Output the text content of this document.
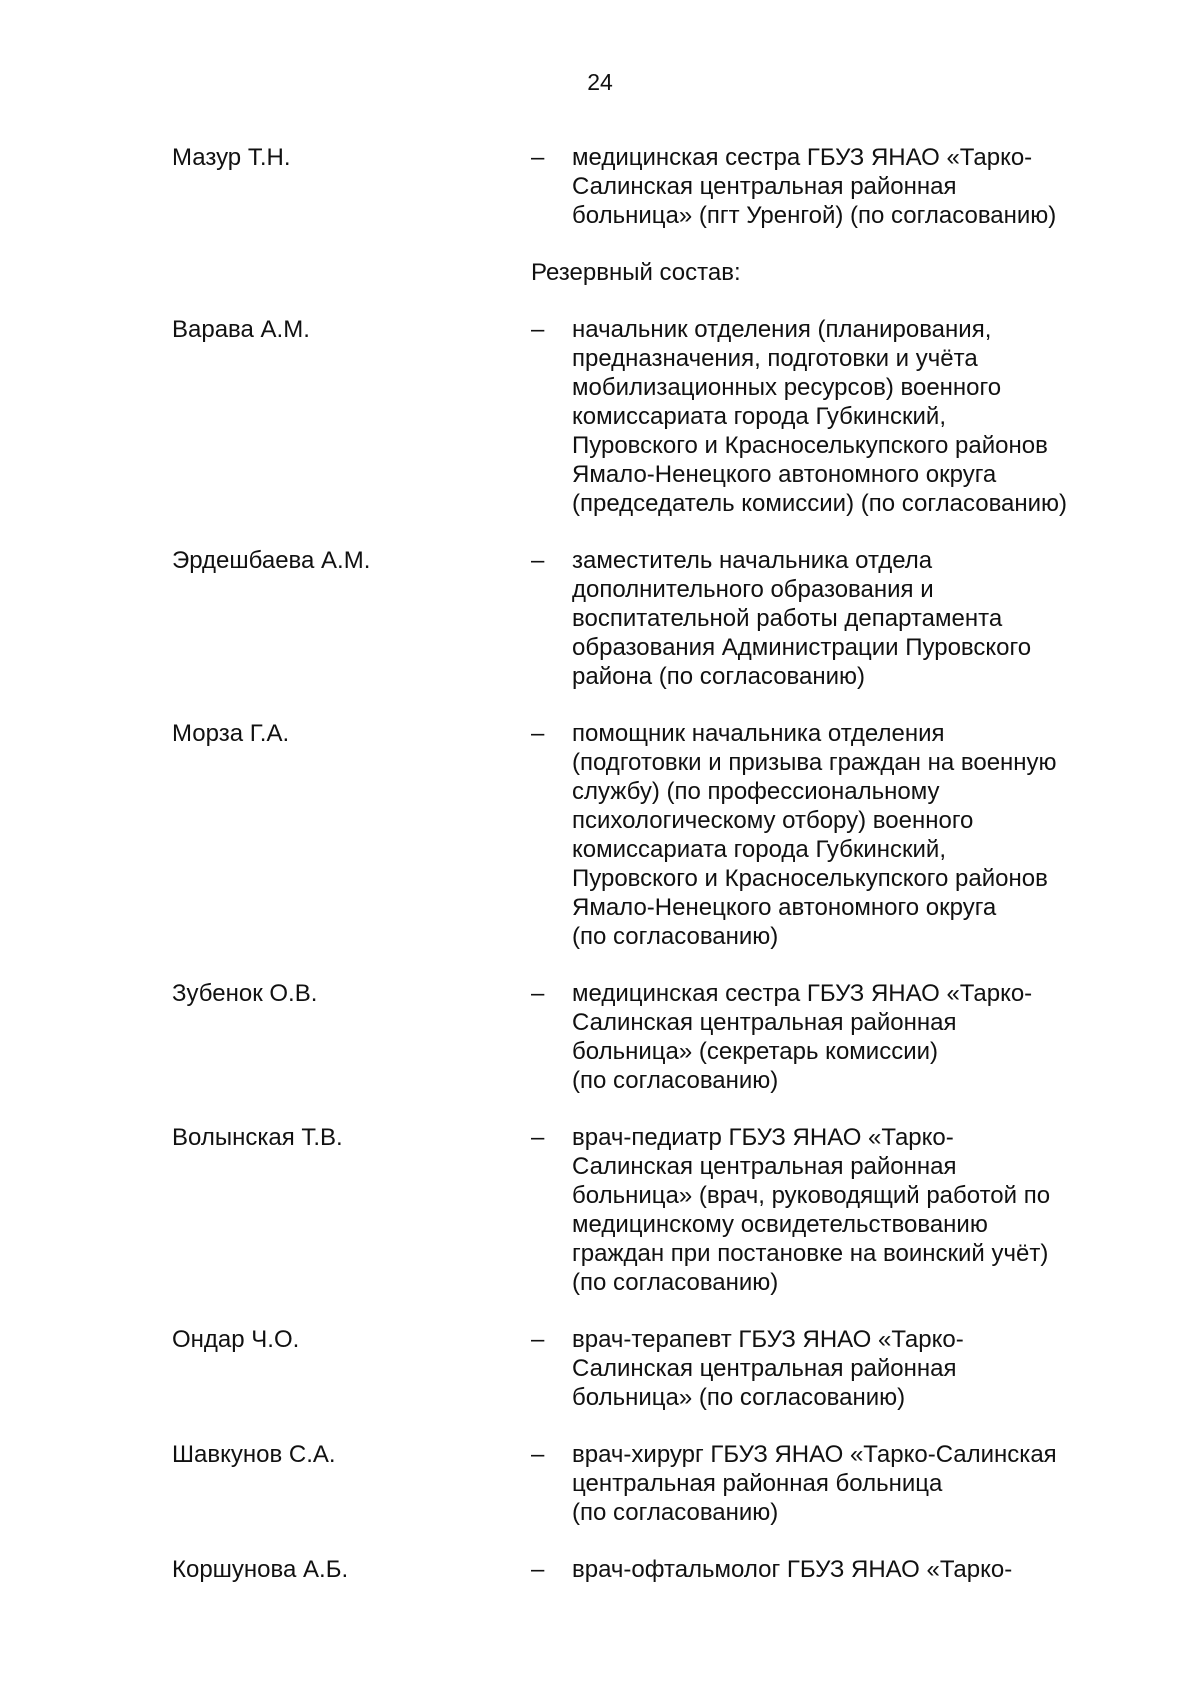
24
Мазур Т.Н.	– медицинская сестра ГБУЗ ЯНАО «Тарко-
Салинская центральная районная
больница» (пгт Уренгой) (по согласованию)
Резервный состав:
Варава А.М.	– начальник отделения (планирования,
предназначения, подготовки и учёта
мобилизационных ресурсов) военного
комиссариата города Губкинский,
Пуровского и Красноселькупского районов
Ямало-Ненецкого автономного округа
(председатель комиссии) (по согласованию)
Эрдешбаева А.М.	– заместитель начальника отдела
дополнительного образования и
воспитательной работы департамента
образования Администрации Пуровского
района (по согласованию)
Морза Г.А.	– помощник начальника отделения
(подготовки и призыва граждан на военную
службу) (по профессиональному
психологическому отбору) военного
комиссариата города Губкинский,
Пуровского и Красноселькупского районов
Ямало-Ненецкого автономного округа
(по согласованию)
Зубенок О.В.	– медицинская сестра ГБУЗ ЯНАО «Тарко-
Салинская центральная районная
больница» (секретарь комиссии)
(по согласованию)
Волынская Т.В.	– врач-педиатр ГБУЗ ЯНАО «Тарко-
Салинская центральная районная
больница» (врач, руководящий работой по
медицинскому освидетельствованию
граждан при постановке на воинский учёт)
(по согласованию)
Ондар Ч.О.	– врач-терапевт ГБУЗ ЯНАО «Тарко-
Салинская центральная районная
больница» (по согласованию)
Шавкунов С.А.	– врач-хирург ГБУЗ ЯНАО «Тарко-Салинская
центральная районная больница
(по согласованию)
Коршунова А.Б.	– врач-офтальмолог ГБУЗ ЯНАО «Тарко-
